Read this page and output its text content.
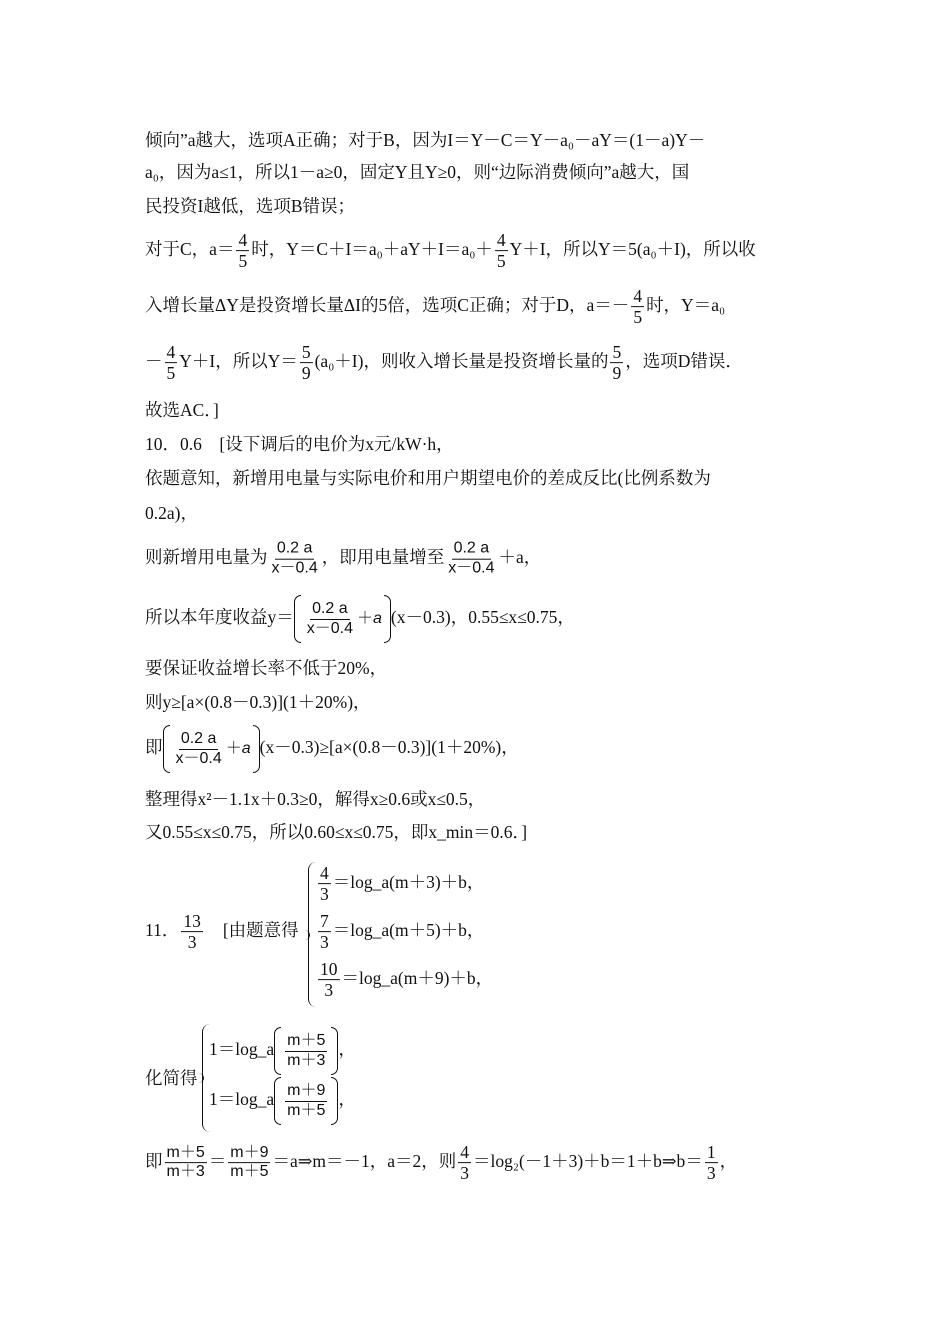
倾向”a越大，选项A正确；对于B，因为I＝Y－C＝Y－a₀－aY＝(1－a)Y－
a₀，因为a≤1，所以1－a≥0，固定Y且Y≥0，则“边际消费倾向”a越大，国
民投资I越低，选项B错误；
对于C，$a= \frac{4}{5}$ 时，$Y=C+I=a_0+aY+I=a_0+ \frac{4}{5} Y+I$，所以Y＝5(a₀＋I)，所以收
入增长量ΔY是投资增长量ΔI的5倍，选项C正确；对于D，$a=- \frac{4}{5}$ 时，Y＝a₀
－ $\frac{4}{5} Y+I$，所以$Y= \frac{5}{9} (a_0+I)$，则收入增长量是投资增长量的 $\frac{5}{9}$ ，选项D错误．
故选AC．]
10．0.6　[设下调后的电价为x元/kW·h，
依题意知，新增用电量与实际电价和用户期望电价的差成反比(比例系数为
0.2a)，
则新增用电量为 $\frac{0.2 a}{x-0.4}$ ，即用电量增至 $\frac{0.2 a}{x-0.4} +a$，
所以本年度收益$y= \frac{0.2 a}{x-0.4} +a$ (x－0.3)，0.55≤x≤0.75，
要保证收益增长率不低于20%，
则y≥[a×(0.8－0.3)](1＋20%)，
即 $\frac{0.2 a}{x-0.4} +a$ (x－0.3)≥[a×(0.8－0.3)](1＋20%)，
整理得x²－1.1x＋0.3≥0，解得x≥0.6或x≤0.5，
又0.55≤x≤0.75，所以0.60≤x≤0.75，即x_min＝0.6．]
11． $\frac{13}{3}$ [由题意得
$\frac{4}{3}$ ＝log_a(m＋3)＋b，
$\frac{7}{3}$ ＝log_a(m＋5)＋b，
$\frac{10}{3}$ ＝log_a(m＋9)＋b，
化简得
1＝log_a $\frac{m+5}{m+3}$ ，
1＝log_a $\frac{m+9}{m+5}$ ，
即 $\frac{m+5}{m+3} = \frac{m+9}{m+5}$ ＝a⇒m＝－1，a＝2，则 $\frac{4}{3}$ ＝log₂(－1＋3)＋b＝1＋b⇒b＝ $\frac{1}{3}$ ，
